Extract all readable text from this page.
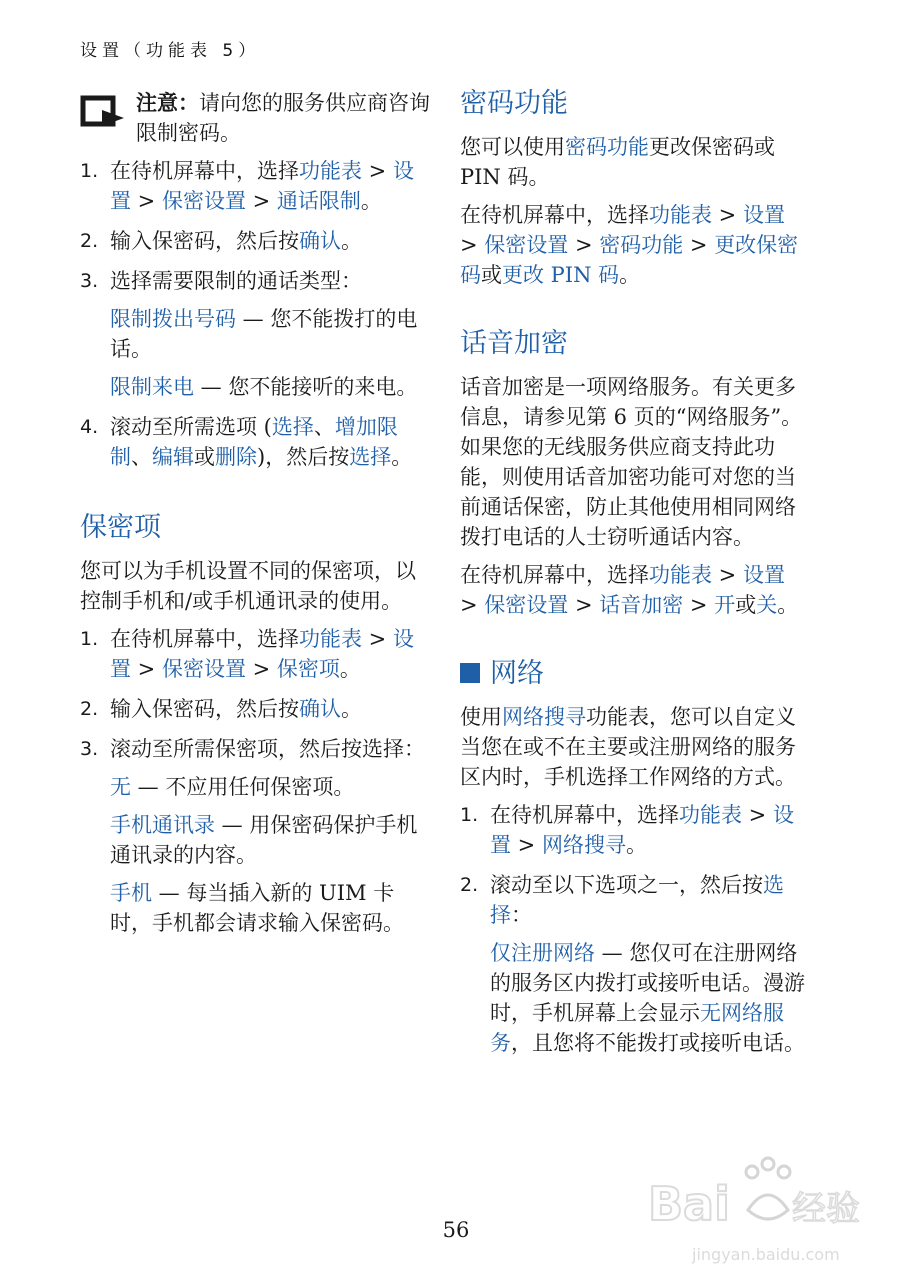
设置（功能表 5）
注意：请向您的服务供应商咨询限制密码。
1. 在待机屏幕中，选择功能表 > 设置 > 保密设置 > 通话限制。
2. 输入保密码，然后按确认。
3. 选择需要限制的通话类型：

限制拨出号码 — 您不能拨打的电话。

限制来电 — 您不能接听的来电。

4. 滚动至所需选项 (选择、增加限制、编辑或删除)，然后按选择。
保密项

您可以为手机设置不同的保密项，以控制手机和/或手机通讯录的使用。

1. 在待机屏幕中，选择功能表 > 设置 > 保密设置 > 保密项。
2. 输入保密码，然后按确认。
3. 滚动至所需保密项，然后按选择：

无 — 不应用任何保密项。

手机通讯录 — 用保密码保护手机通讯录的内容。

手机 — 每当插入新的 UIM 卡时，手机都会请求输入保密码。

密码功能

您可以使用密码功能更改保密码或 PIN 码。

在待机屏幕中，选择功能表 > 设置 > 保密设置 > 密码功能 > 更改保密码或更改 PIN 码。

话音加密

话音加密是一项网络服务。有关更多信息，请参见第 6 页的“网络服务”。如果您的无线服务供应商支持此功能，则使用话音加密功能可对您的当前通话保密，防止其他使用相同网络拨打电话的人士窃听通话内容。

在待机屏幕中，选择功能表 > 设置 > 保密设置 > 话音加密 > 开或关。

网络

使用网络搜寻功能表，您可以自定义当您在或不在主要或注册网络的服务区内时，手机选择工作网络的方式。

1. 在待机屏幕中，选择功能表 > 设置 > 网络搜寻。
2. 滚动至以下选项之一，然后按选择：

仅注册网络 — 您仅可在注册网络的服务区内拨打或接听电话。漫游时，手机屏幕上会显示无网络服务，且您将不能拨打或接听电话。

56	Bai 经验
jingyan.baidu.com
